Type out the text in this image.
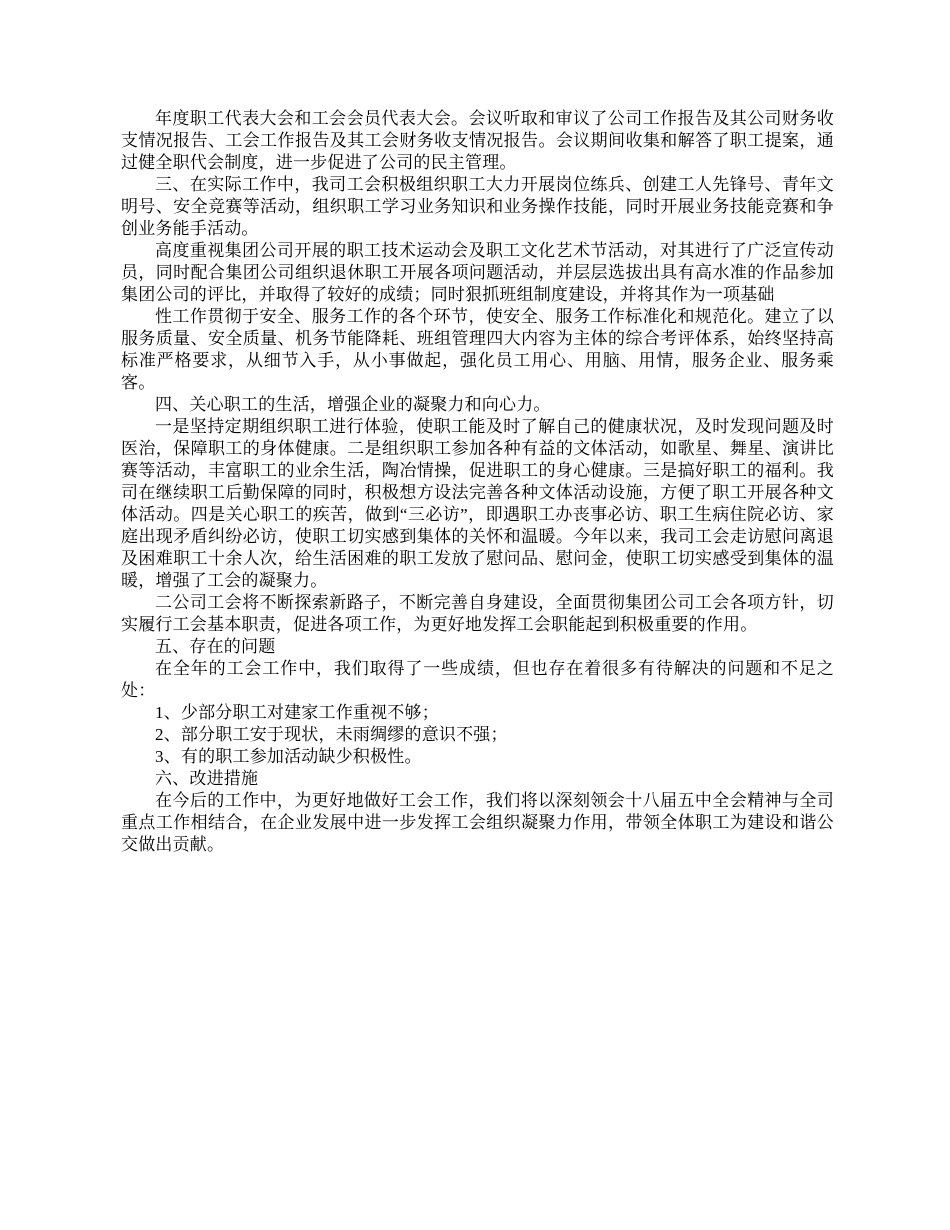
年度职工代表大会和工会会员代表大会。会议听取和审议了公司工作报告及其公司财务收支情况报告、工会工作报告及其工会财务收支情况报告。会议期间收集和解答了职工提案，通过健全职代会制度，进一步促进了公司的民主管理。

三、在实际工作中，我司工会积极组织职工大力开展岗位练兵、创建工人先锋号、青年文明号、安全竞赛等活动，组织职工学习业务知识和业务操作技能，同时开展业务技能竞赛和争创业务能手活动。

高度重视集团公司开展的职工技术运动会及职工文化艺术节活动，对其进行了广泛宣传动员，同时配合集团公司组织退休职工开展各项问题活动，并层层选拔出具有高水准的作品参加集团公司的评比，并取得了较好的成绩；同时狠抓班组制度建设，并将其作为一项基础

性工作贯彻于安全、服务工作的各个环节，使安全、服务工作标准化和规范化。建立了以服务质量、安全质量、机务节能降耗、班组管理四大内容为主体的综合考评体系，始终坚持高标准严格要求，从细节入手，从小事做起，强化员工用心、用脑、用情，服务企业、服务乘客。

四、关心职工的生活，增强企业的凝聚力和向心力。

一是坚持定期组织职工进行体验，使职工能及时了解自己的健康状况，及时发现问题及时医治，保障职工的身体健康。二是组织职工参加各种有益的文体活动，如歌星、舞星、演讲比赛等活动，丰富职工的业余生活，陶冶情操，促进职工的身心健康。三是搞好职工的福利。我司在继续职工后勤保障的同时，积极想方设法完善各种文体活动设施，方便了职工开展各种文体活动。四是关心职工的疾苦，做到“三必访”，即遇职工办丧事必访、职工生病住院必访、家庭出现矛盾纠纷必访，使职工切实感到集体的关怀和温暖。今年以来，我司工会走访慰问离退及困难职工十余人次，给生活困难的职工发放了慰问品、慰问金，使职工切实感受到集体的温暖，增强了工会的凝聚力。

二公司工会将不断探索新路子，不断完善自身建设，全面贯彻集团公司工会各项方针，切实履行工会基本职责，促进各项工作，为更好地发挥工会职能起到积极重要的作用。

五、存在的问题

在全年的工会工作中，我们取得了一些成绩，但也存在着很多有待解决的问题和不足之处：

1、少部分职工对建家工作重视不够；

2、部分职工安于现状，未雨绸缪的意识不强；

3、有的职工参加活动缺少积极性。

六、改进措施

在今后的工作中，为更好地做好工会工作，我们将以深刻领会十八届五中全会精神与全司重点工作相结合，在企业发展中进一步发挥工会组织凝聚力作用，带领全体职工为建设和谐公交做出贡献。
